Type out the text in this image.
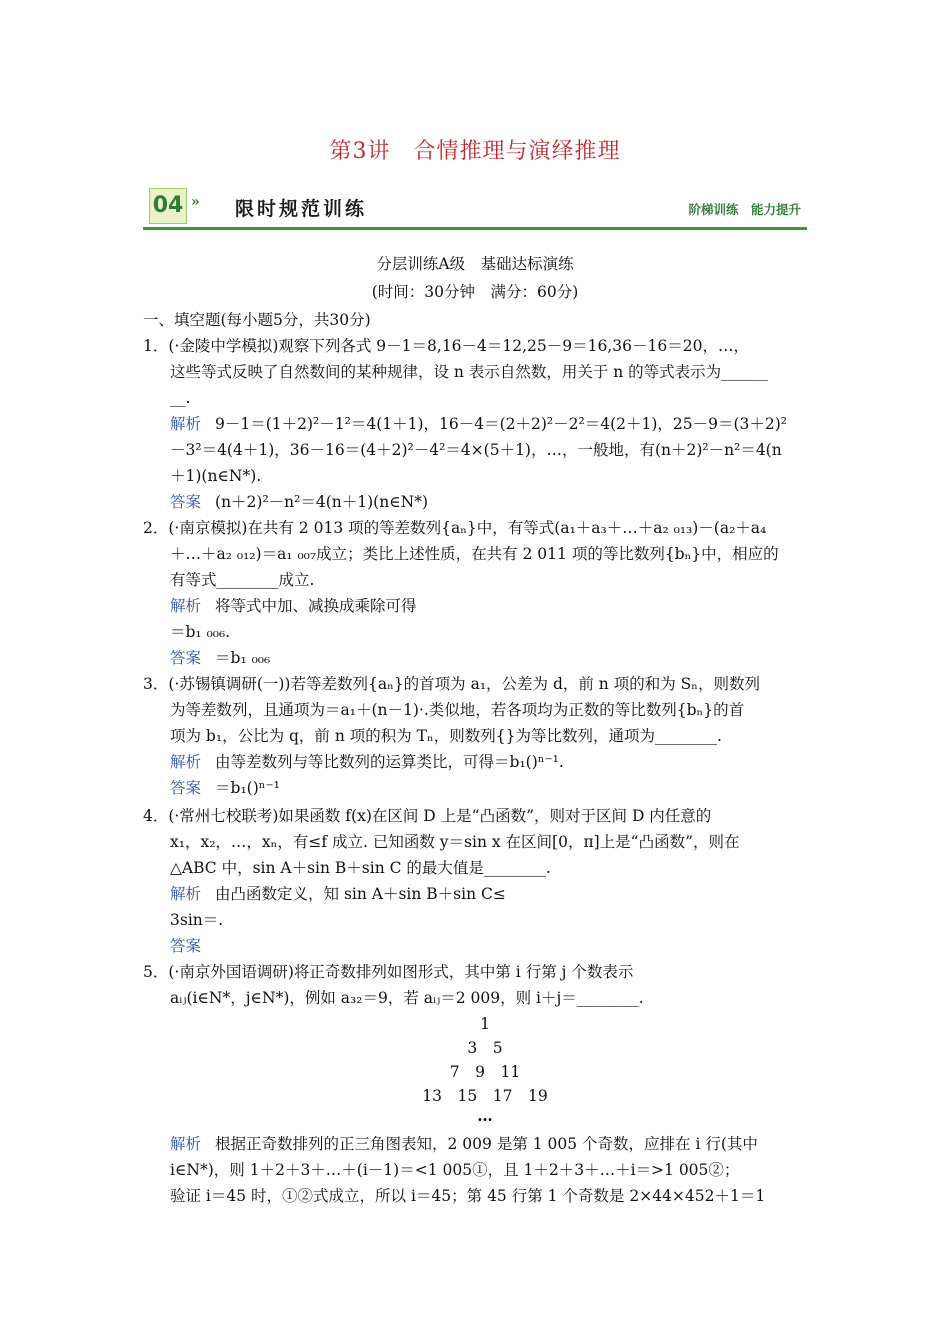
第3讲　合情推理与演绎推理
04 » 限时规范训练	阶梯训练　能力提升
分层训练A级　基础达标演练
(时间：30分钟　满分：60分)
一、填空题(每小题5分，共30分)
1．(·金陵中学模拟)观察下列各式 9－1＝8,16－4＝12,25－9＝16,36－16＝20，…，
这些等式反映了自然数间的某种规律，设 n 表示自然数，用关于 n 的等式表示为______
__.
解析 9－1＝(1＋2)²－1²＝4(1＋1)，16－4＝(2＋2)²－2²＝4(2＋1)，25－9＝(3＋2)²
－3²＝4(4＋1)，36－16＝(4＋2)²－4²＝4×(5＋1)，…，一般地，有(n＋2)²－n²＝4(n
＋1)(n∈N*).
答案 (n＋2)²－n²＝4(n＋1)(n∈N*)
2．(·南京模拟)在共有 2 013 项的等差数列{aₙ}中，有等式(a₁＋a₃＋…＋a₂ ₀₁₃)－(a₂＋a₄
＋…＋a₂ ₀₁₂)＝a₁ ₀₀₇成立；类比上述性质，在共有 2 011 项的等比数列{bₙ}中，相应的
有等式________成立.
解析 将等式中加、减换成乘除可得
＝b₁ ₀₀₆.
答案 ＝b₁ ₀₀₆
3．(·苏锡镇调研(一))若等差数列{aₙ}的首项为 a₁，公差为 d，前 n 项的和为 Sₙ，则数列
为等差数列，且通项为＝a₁＋(n－1)·.类似地，若各项均为正数的等比数列{bₙ}的首
项为 b₁，公比为 q，前 n 项的积为 Tₙ，则数列{}为等比数列，通项为________.
解析 由等差数列与等比数列的运算类比，可得＝b₁()ⁿ⁻¹.
答案 ＝b₁()ⁿ⁻¹
4．(·常州七校联考)如果函数 f(x)在区间 D 上是“凸函数”，则对于区间 D 内任意的
x₁，x₂，…，xₙ，有≤f 成立. 已知函数 y＝sin x 在区间[0，π]上是“凸函数”，则在
△ABC 中，sin A＋sin B＋sin C 的最大值是________.
解析 由凸函数定义，知 sin A＋sin B＋sin C≤
3sin＝.
答案
5．(·南京外国语调研)将正奇数排列如图形式，其中第 i 行第 j 个数表示
aᵢⱼ(i∈N*，j∈N*)，例如 a₃₂＝9，若 aᵢⱼ＝2 009，则 i＋j＝________.
1
3　5
7　9　11
13　15　17　19
…
解析 根据正奇数排列的正三角图表知，2 009 是第 1 005 个奇数，应排在 i 行(其中
i∈N*)，则 1＋2＋3＋…＋(i－1)＝<1 005①，且 1＋2＋3＋…＋i＝>1 005②；
验证 i＝45 时，①②式成立，所以 i＝45；第 45 行第 1 个奇数是 2×44×452＋1＝1
